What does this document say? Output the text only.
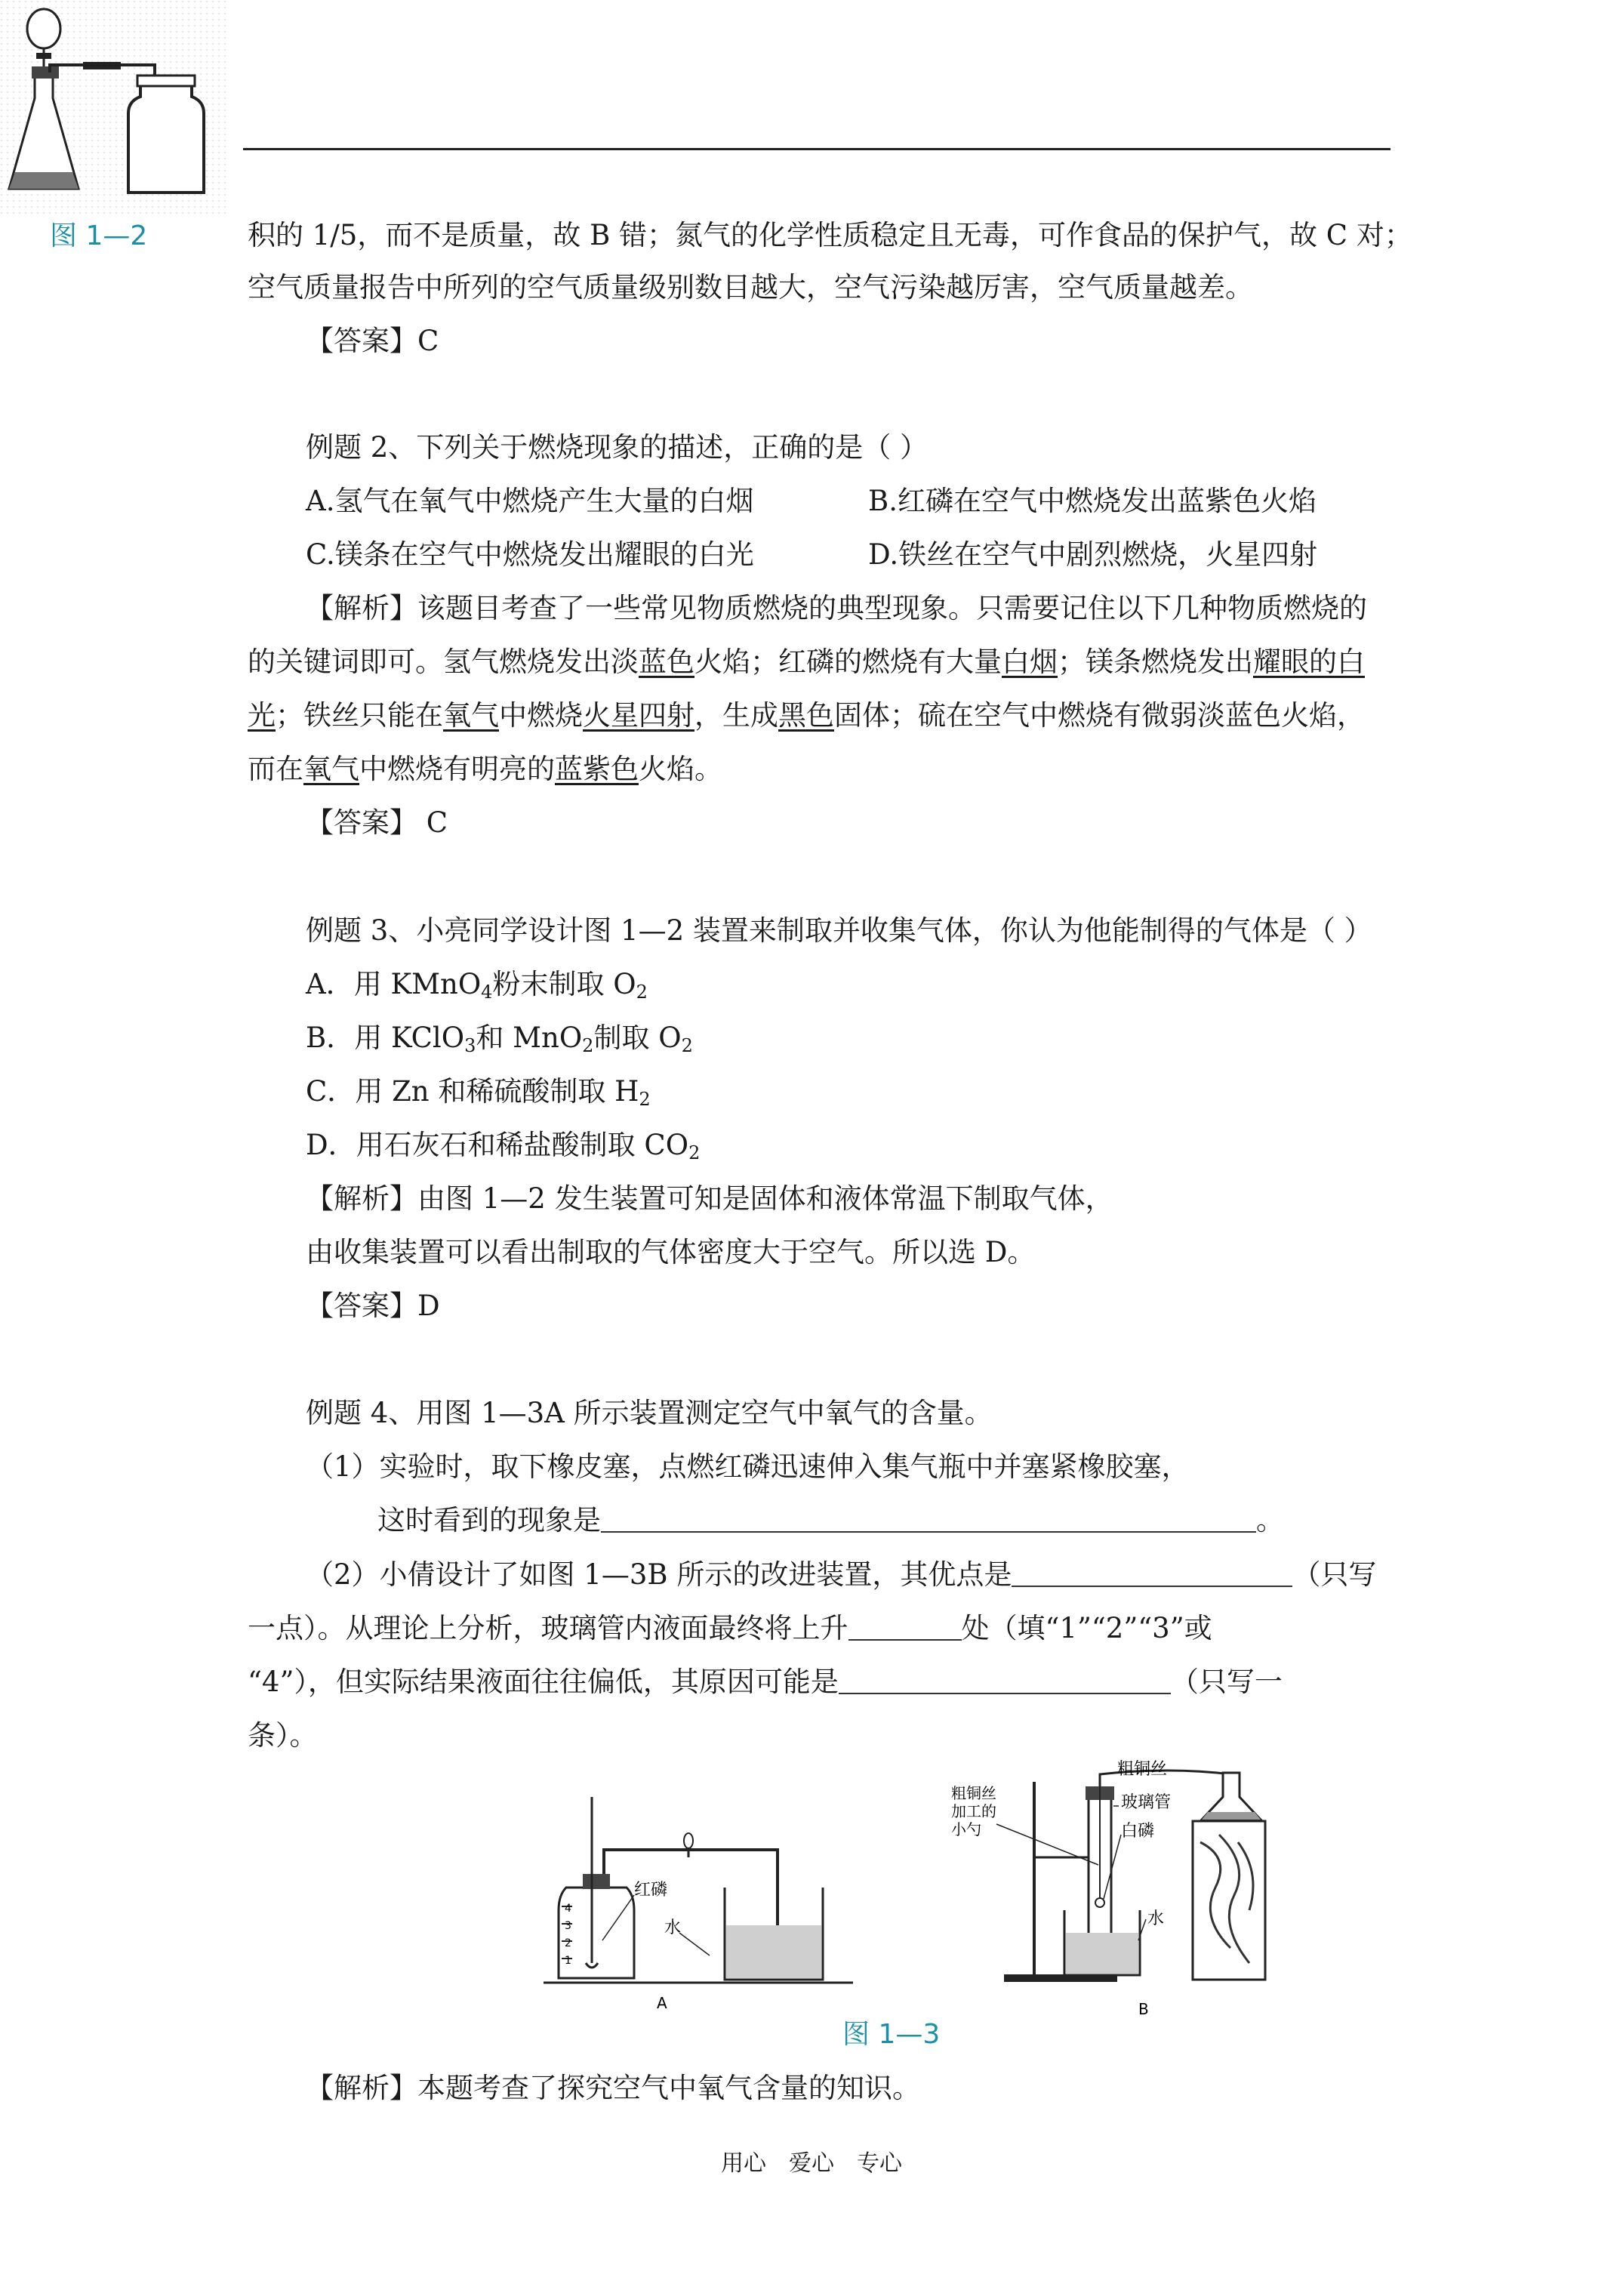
图 1—2	积的 1/5，而不是质量，故 B 错；氮气的化学性质稳定且无毒，可作食品的保护气，故 C 对；
空气质量报告中所列的空气质量级别数目越大，空气污染越厉害，空气质量越差。
【答案】C
例题 2、下列关于燃烧现象的描述，正确的是（ ）
A.氢气在氧气中燃烧产生大量的白烟	B.红磷在空气中燃烧发出蓝紫色火焰
C.镁条在空气中燃烧发出耀眼的白光	D.铁丝在空气中剧烈燃烧，火星四射
【解析】该题目考查了一些常见物质燃烧的典型现象。只需要记住以下几种物质燃烧的
的关键词即可。氢气燃烧发出淡蓝色火焰；红磷的燃烧有大量白烟；镁条燃烧发出耀眼的白
光；铁丝只能在氧气中燃烧火星四射，生成黑色固体；硫在空气中燃烧有微弱淡蓝色火焰，
而在氧气中燃烧有明亮的蓝紫色火焰。
【答案】 C
例题 3、小亮同学设计图 1—2 装置来制取并收集气体，你认为他能制得的气体是（ ）
A．用 KMnO$_4$粉末制取 $O_2$
B．用 KClO$_3$和 MnO$_2$制取 $O_2$
C．用 Zn 和稀硫酸制取 $H_2$
D．用石灰石和稀盐酸制取 $CO_2$
【解析】由图 1—2 发生装置可知是固体和液体常温下制取气体，
由收集装置可以看出制取的气体密度大于空气。所以选 D。
【答案】D
例题 4、用图 1—3A 所示装置测定空气中氧气的含量。
（1）实验时，取下橡皮塞，点燃红磷迅速伸入集气瓶中并塞紧橡胶塞，
这时看到的现象是	。
（2）小倩设计了如图 1—3B 所示的改进装置，其优点是	（只写
一点）。从理论上分析，玻璃管内液面最终将上升	处（填“1”“2”“3”或
“4”），但实际结果液面往往偏低，其原因可能是	（只写一
条）。
4
3
2
1
红磷
水
A
粗铜丝
玻璃管
白磷
水
粗铜丝
加工的
小勺
B
图 1—3
【解析】本题考查了探究空气中氧气含量的知识。
用心　爱心　专心
